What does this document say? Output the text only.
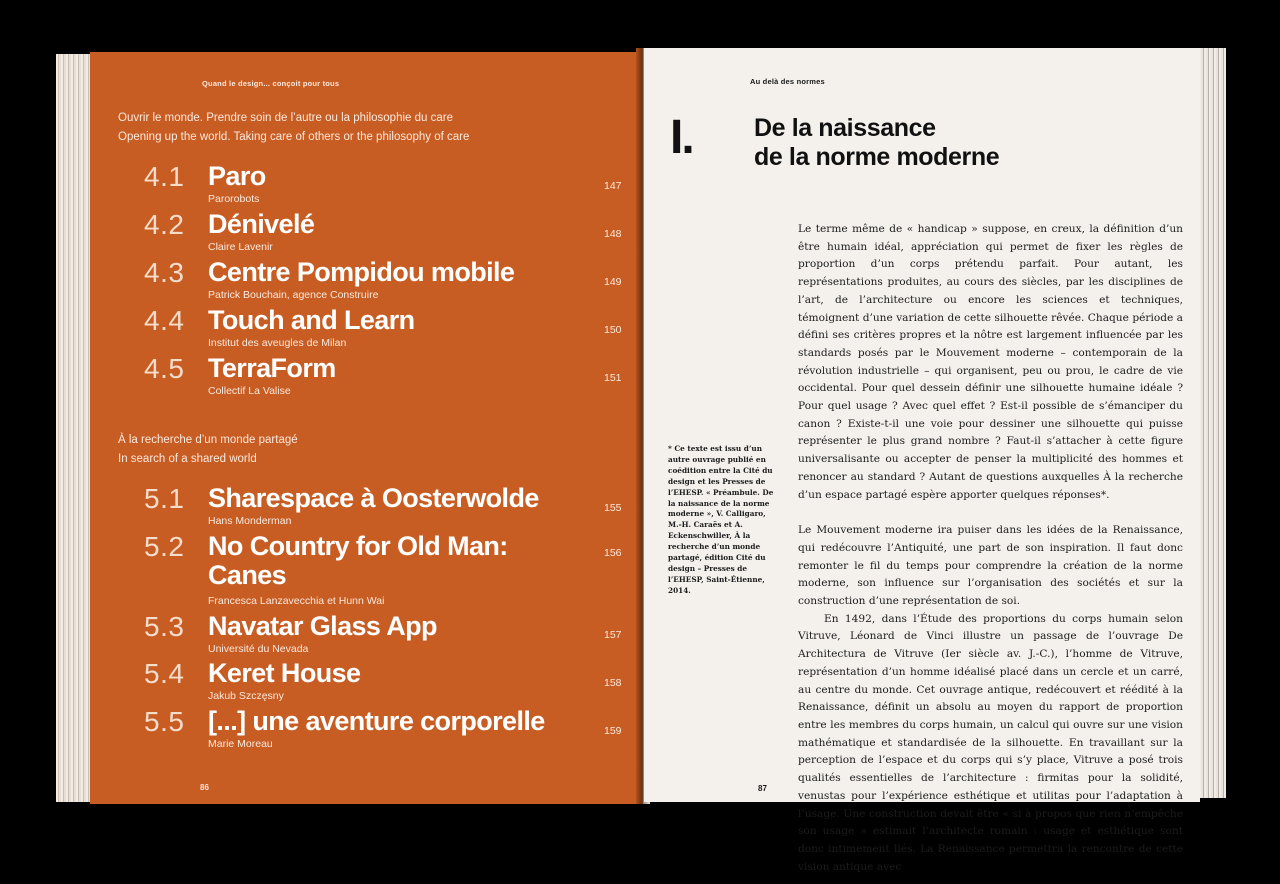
Quand le design... conçoit pour tous
Ouvrir le monde. Prendre soin de l’autre ou la philosophie du care
Opening up the world. Taking care of others or the philosophy of care
4.1 Paro
Parorobots
147
4.2 Dénivelé
Claire Lavenir
148
4.3 Centre Pompidou mobile
Patrick Bouchain, agence Construire
149
4.4 Touch and Learn
Institut des aveugles de Milan
150
4.5 TerraForm
Collectif La Valise
151
À la recherche d’un monde partagé
In search of a shared world
5.1 Sharespace à Oosterwolde
Hans Monderman
155
5.2 No Country for Old Man:
Canes
Francesca Lanzavecchia et Hunn Wai
156
5.3 Navatar Glass App
Université du Nevada
157
5.4 Keret House
Jakub Szczęsny
158
5.5 [...] une aventure corporelle
Marie Moreau
159
86
Au delà des normes
I. De la naissance
de la norme moderne
* Ce texte est issu d’un autre ouvrage publié en coédition entre la Cité du design et les Presses de l’EHESP. « Préambule. De la naissance de la norme moderne », V. Calligaro, M.-H. Caraës et A. Eckenschwiller, À la recherche d’un monde partagé, édition Cité du design – Presses de l’EHESP, Saint-Étienne, 2014.

Le terme même de « handicap » suppose, en creux, la définition d’un être humain idéal, appréciation qui permet de fixer les règles de proportion d’un corps prétendu parfait. Pour autant, les représentations produites, au cours des siècles, par les disciplines de l’art, de l’architecture ou encore les sciences et techniques, témoignent d’une variation de cette silhouette rêvée. Chaque période a défini ses critères propres et la nôtre est largement influencée par les standards posés par le Mouvement moderne – contemporain de la révolution industrielle – qui organisent, peu ou prou, le cadre de vie occidental. Pour quel dessein définir une silhouette humaine idéale ? Pour quel usage ? Avec quel effet ? Est-il possible de s’émanciper du canon ? Existe-t-il une voie pour dessiner une silhouette qui puisse représenter le plus grand nombre ? Faut-il s’attacher à cette figure universalisante ou accepter de penser la multiplicité des hommes et renoncer au standard ? Autant de questions auxquelles À la recherche d’un espace partagé espère apporter quelques réponses*.

Le Mouvement moderne ira puiser dans les idées de la Renaissance, qui redécouvre l’Antiquité, une part de son inspiration. Il faut donc remonter le fil du temps pour comprendre la création de la norme moderne, son influence sur l’organisation des sociétés et sur la construction d’une représentation de soi.

En 1492, dans l’Étude des proportions du corps humain selon Vitruve, Léonard de Vinci illustre un passage de l’ouvrage De Architectura de Vitruve (Ier siècle av. J.-C.), l’homme de Vitruve, représentation d’un homme idéalisé placé dans un cercle et un carré, au centre du monde. Cet ouvrage antique, redécouvert et réédité à la Renaissance, définit un absolu au moyen du rapport de proportion entre les membres du corps humain, un calcul qui ouvre sur une vision mathématique et standardisée de la silhouette. En travaillant sur la perception de l’espace et du corps qui s’y place, Vitruve a posé trois qualités essentielles de l’architecture : firmitas pour la solidité, venustas pour l’expérience esthétique et utilitas pour l’adaptation à l’usage. Une construction devait être « si à propos que rien n’empêche son usage » estimait l’architecte romain : usage et esthétique sont donc intimement liés. La Renaissance permettra la rencontre de cette vision antique avec

87
